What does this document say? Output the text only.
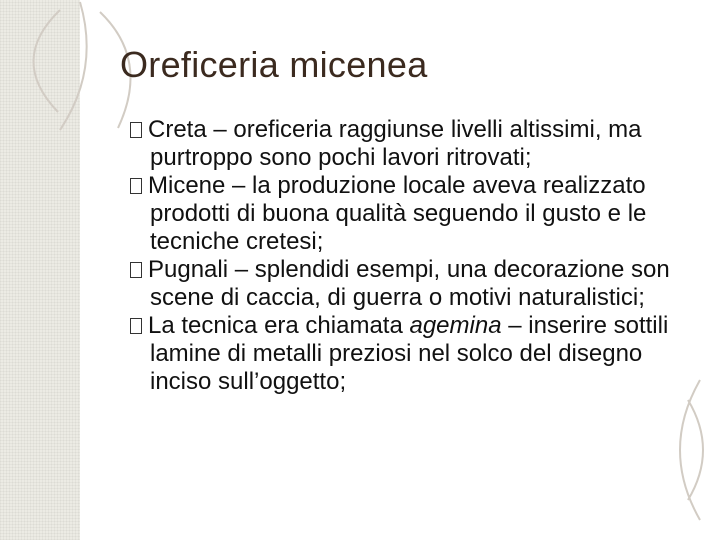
Oreficeria micenea
Creta – oreficeria raggiunse livelli altissimi, ma purtroppo sono pochi lavori ritrovati;
Micene – la produzione locale aveva realizzato prodotti di buona qualità seguendo il gusto e le tecniche cretesi;
Pugnali – splendidi esempi, una decorazione son scene di caccia, di guerra o motivi naturalistici;
La tecnica era chiamata agemina – inserire sottili lamine di metalli preziosi nel solco del disegno inciso sull’oggetto;
